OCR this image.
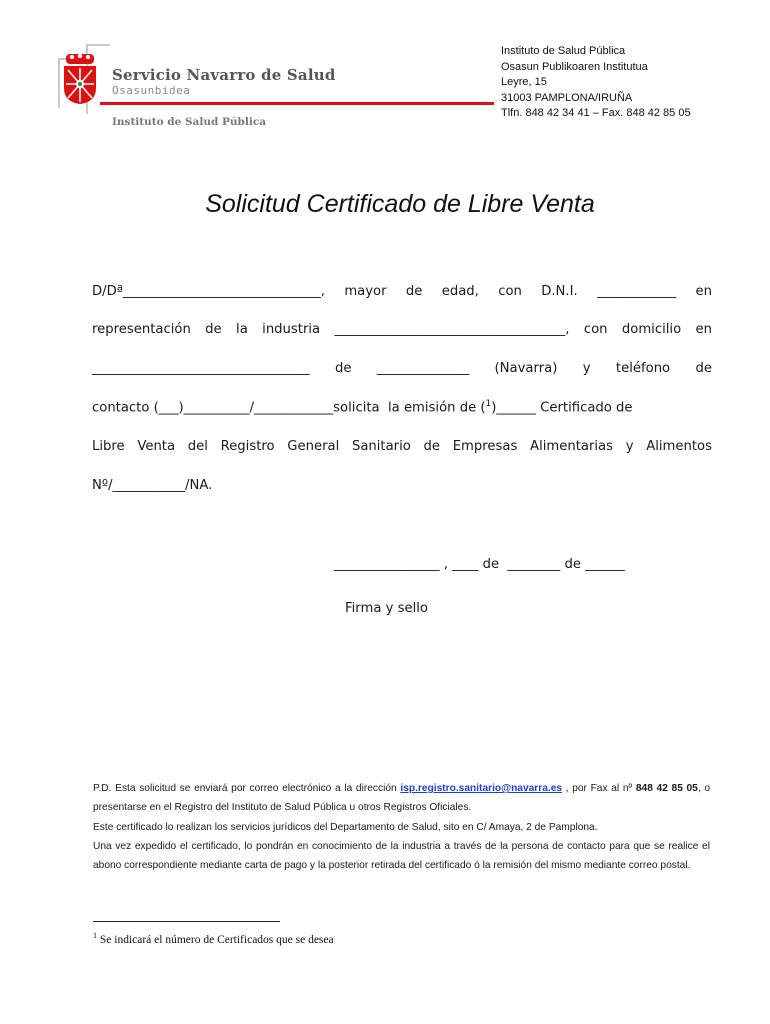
Servicio Navarro de Salud
Osasunbidea
Instituto de Salud Pública
Instituto de Salud Pública
Osasun Publikoaren Institutua
Leyre, 15
31003 PAMPLONA/IRUÑA
Tlfn. 848 42 34 41 – Fax. 848 42 85 05
Solicitud Certificado de Libre Venta
D/Dª______________________________, mayor de edad, con D.N.I. ____________ en
representación de la industria ___________________________________, con domicilio en
_________________________________ de ______________ (Navarra) y teléfono de
contacto (___)__________/____________solicita  la emisión de ($^1$)______ Certificado de
Libre Venta del Registro General Sanitario de Empresas Alimentarias y Alimentos
Nº/___________/NA.
________________ , ____ de  ________ de ______
Firma y sello
P.D. Esta solicitud se enviará por correo electrónico a la dirección isp.registro.sanitario@navarra.es , por Fax al nº 848 42 85 05, o presentarse en el Registro del Instituto de Salud Pública u otros Registros Oficiales.
Este certificado lo realizan los servicios jurídicos del Departamento de Salud, sito en C/ Amaya, 2 de Pamplona.
Una vez expedido el certificado, lo pondrán en conocimiento de la industria a través de la persona de contacto para que se realice el abono correspondiente mediante carta de pago y la posterior retirada del certificado ó la remisión del mismo mediante correo postal.
$^1$ Se indicará el número de Certificados que se desea
